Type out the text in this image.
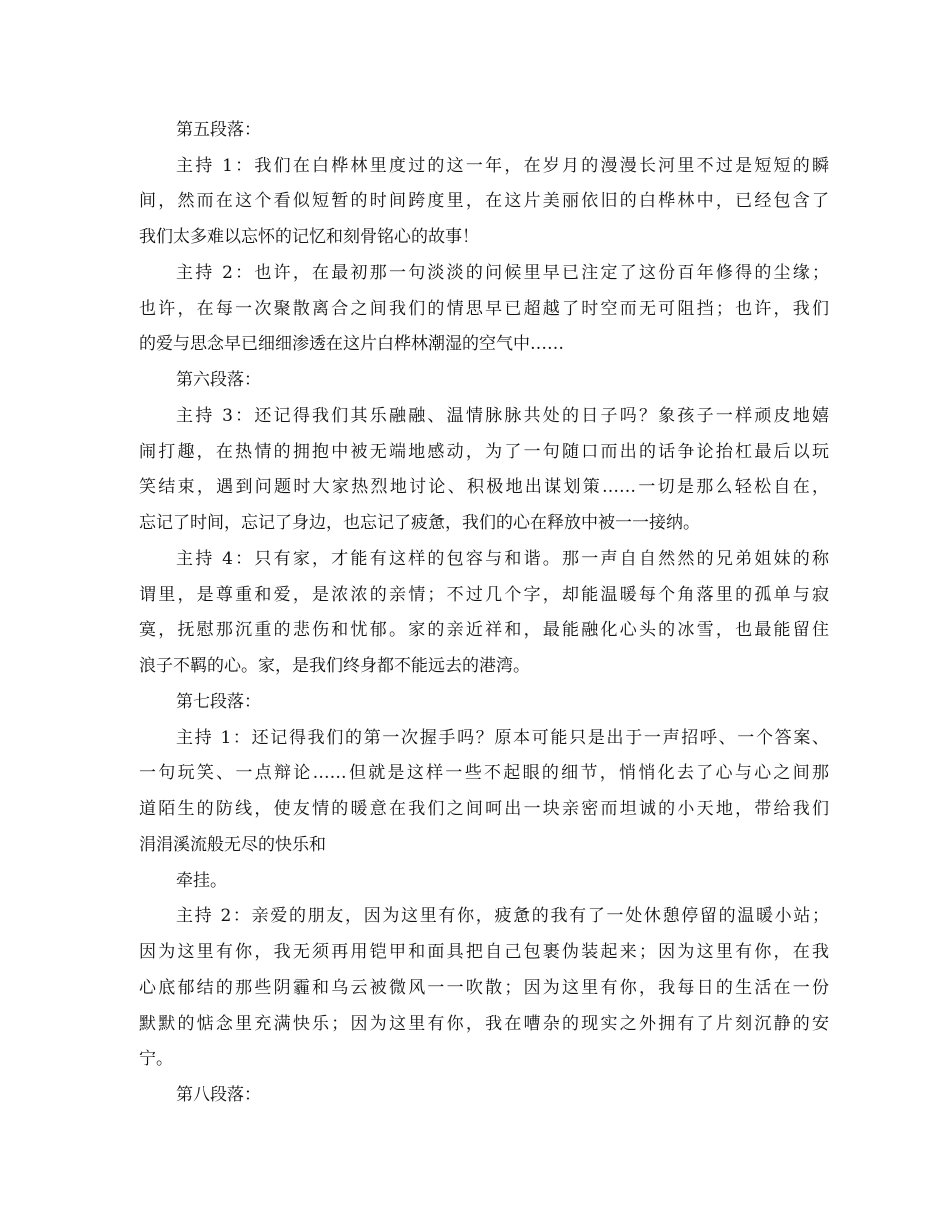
第五段落：
主持 1：我们在白桦林里度过的这一年，在岁月的漫漫长河里不过是短短的瞬
间，然而在这个看似短暂的时间跨度里，在这片美丽依旧的白桦林中，已经包含了
我们太多难以忘怀的记忆和刻骨铭心的故事！
主持 2：也许，在最初那一句淡淡的问候里早已注定了这份百年修得的尘缘；
也许，在每一次聚散离合之间我们的情思早已超越了时空而无可阻挡；也许，我们
的爱与思念早已细细渗透在这片白桦林潮湿的空气中……
第六段落：
主持 3：还记得我们其乐融融、温情脉脉共处的日子吗？象孩子一样顽皮地嬉
闹打趣，在热情的拥抱中被无端地感动，为了一句随口而出的话争论抬杠最后以玩
笑结束，遇到问题时大家热烈地讨论、积极地出谋划策……一切是那么轻松自在，
忘记了时间，忘记了身边，也忘记了疲惫，我们的心在释放中被一一接纳。
主持 4：只有家，才能有这样的包容与和谐。那一声自自然然的兄弟姐妹的称
谓里，是尊重和爱，是浓浓的亲情；不过几个字，却能温暖每个角落里的孤单与寂
寞，抚慰那沉重的悲伤和忧郁。家的亲近祥和，最能融化心头的冰雪，也最能留住
浪子不羁的心。家，是我们终身都不能远去的港湾。
第七段落：
主持 1：还记得我们的第一次握手吗？原本可能只是出于一声招呼、一个答案、
一句玩笑、一点辩论……但就是这样一些不起眼的细节，悄悄化去了心与心之间那
道陌生的防线，使友情的暖意在我们之间呵出一块亲密而坦诚的小天地，带给我们
涓涓溪流般无尽的快乐和
牵挂。
主持 2：亲爱的朋友，因为这里有你，疲惫的我有了一处休憩停留的温暖小站；
因为这里有你，我无须再用铠甲和面具把自己包裹伪装起来；因为这里有你，在我
心底郁结的那些阴霾和乌云被微风一一吹散；因为这里有你，我每日的生活在一份
默默的惦念里充满快乐；因为这里有你，我在嘈杂的现实之外拥有了片刻沉静的安
宁。
第八段落：
